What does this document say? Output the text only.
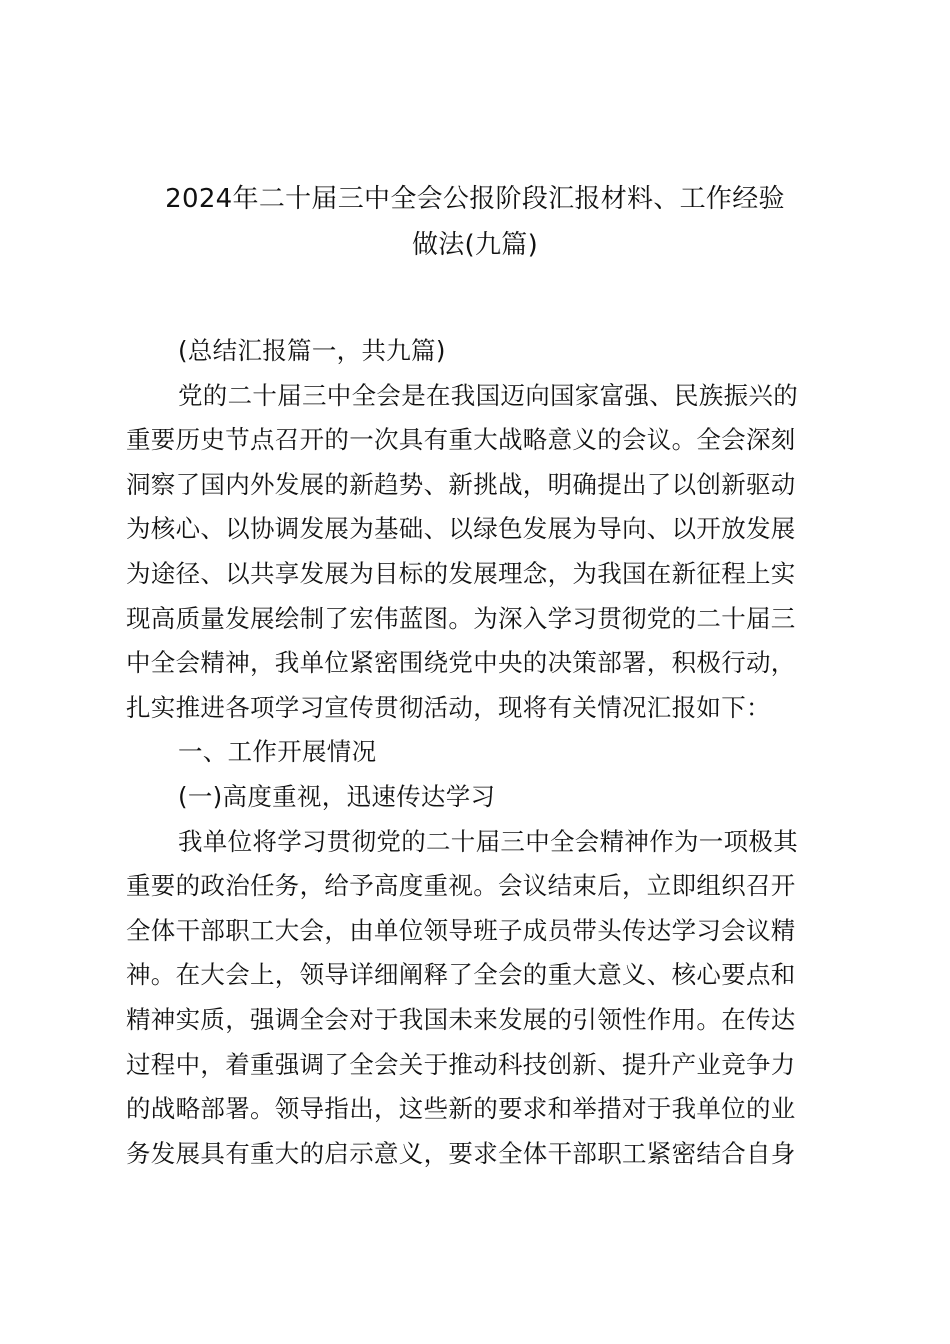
2024年二十届三中全会公报阶段汇报材料、工作经验
做法(九篇)
(总结汇报篇一，共九篇)
党的二十届三中全会是在我国迈向国家富强、民族振兴的
重要历史节点召开的一次具有重大战略意义的会议。全会深刻
洞察了国内外发展的新趋势、新挑战，明确提出了以创新驱动
为核心、以协调发展为基础、以绿色发展为导向、以开放发展
为途径、以共享发展为目标的发展理念，为我国在新征程上实
现高质量发展绘制了宏伟蓝图。为深入学习贯彻党的二十届三
中全会精神，我单位紧密围绕党中央的决策部署，积极行动，
扎实推进各项学习宣传贯彻活动，现将有关情况汇报如下：
一、工作开展情况
(一)高度重视，迅速传达学习
我单位将学习贯彻党的二十届三中全会精神作为一项极其
重要的政治任务，给予高度重视。会议结束后，立即组织召开
全体干部职工大会，由单位领导班子成员带头传达学习会议精
神。在大会上，领导详细阐释了全会的重大意义、核心要点和
精神实质，强调全会对于我国未来发展的引领性作用。在传达
过程中，着重强调了全会关于推动科技创新、提升产业竞争力
的战略部署。领导指出，这些新的要求和举措对于我单位的业
务发展具有重大的启示意义，要求全体干部职工紧密结合自身
